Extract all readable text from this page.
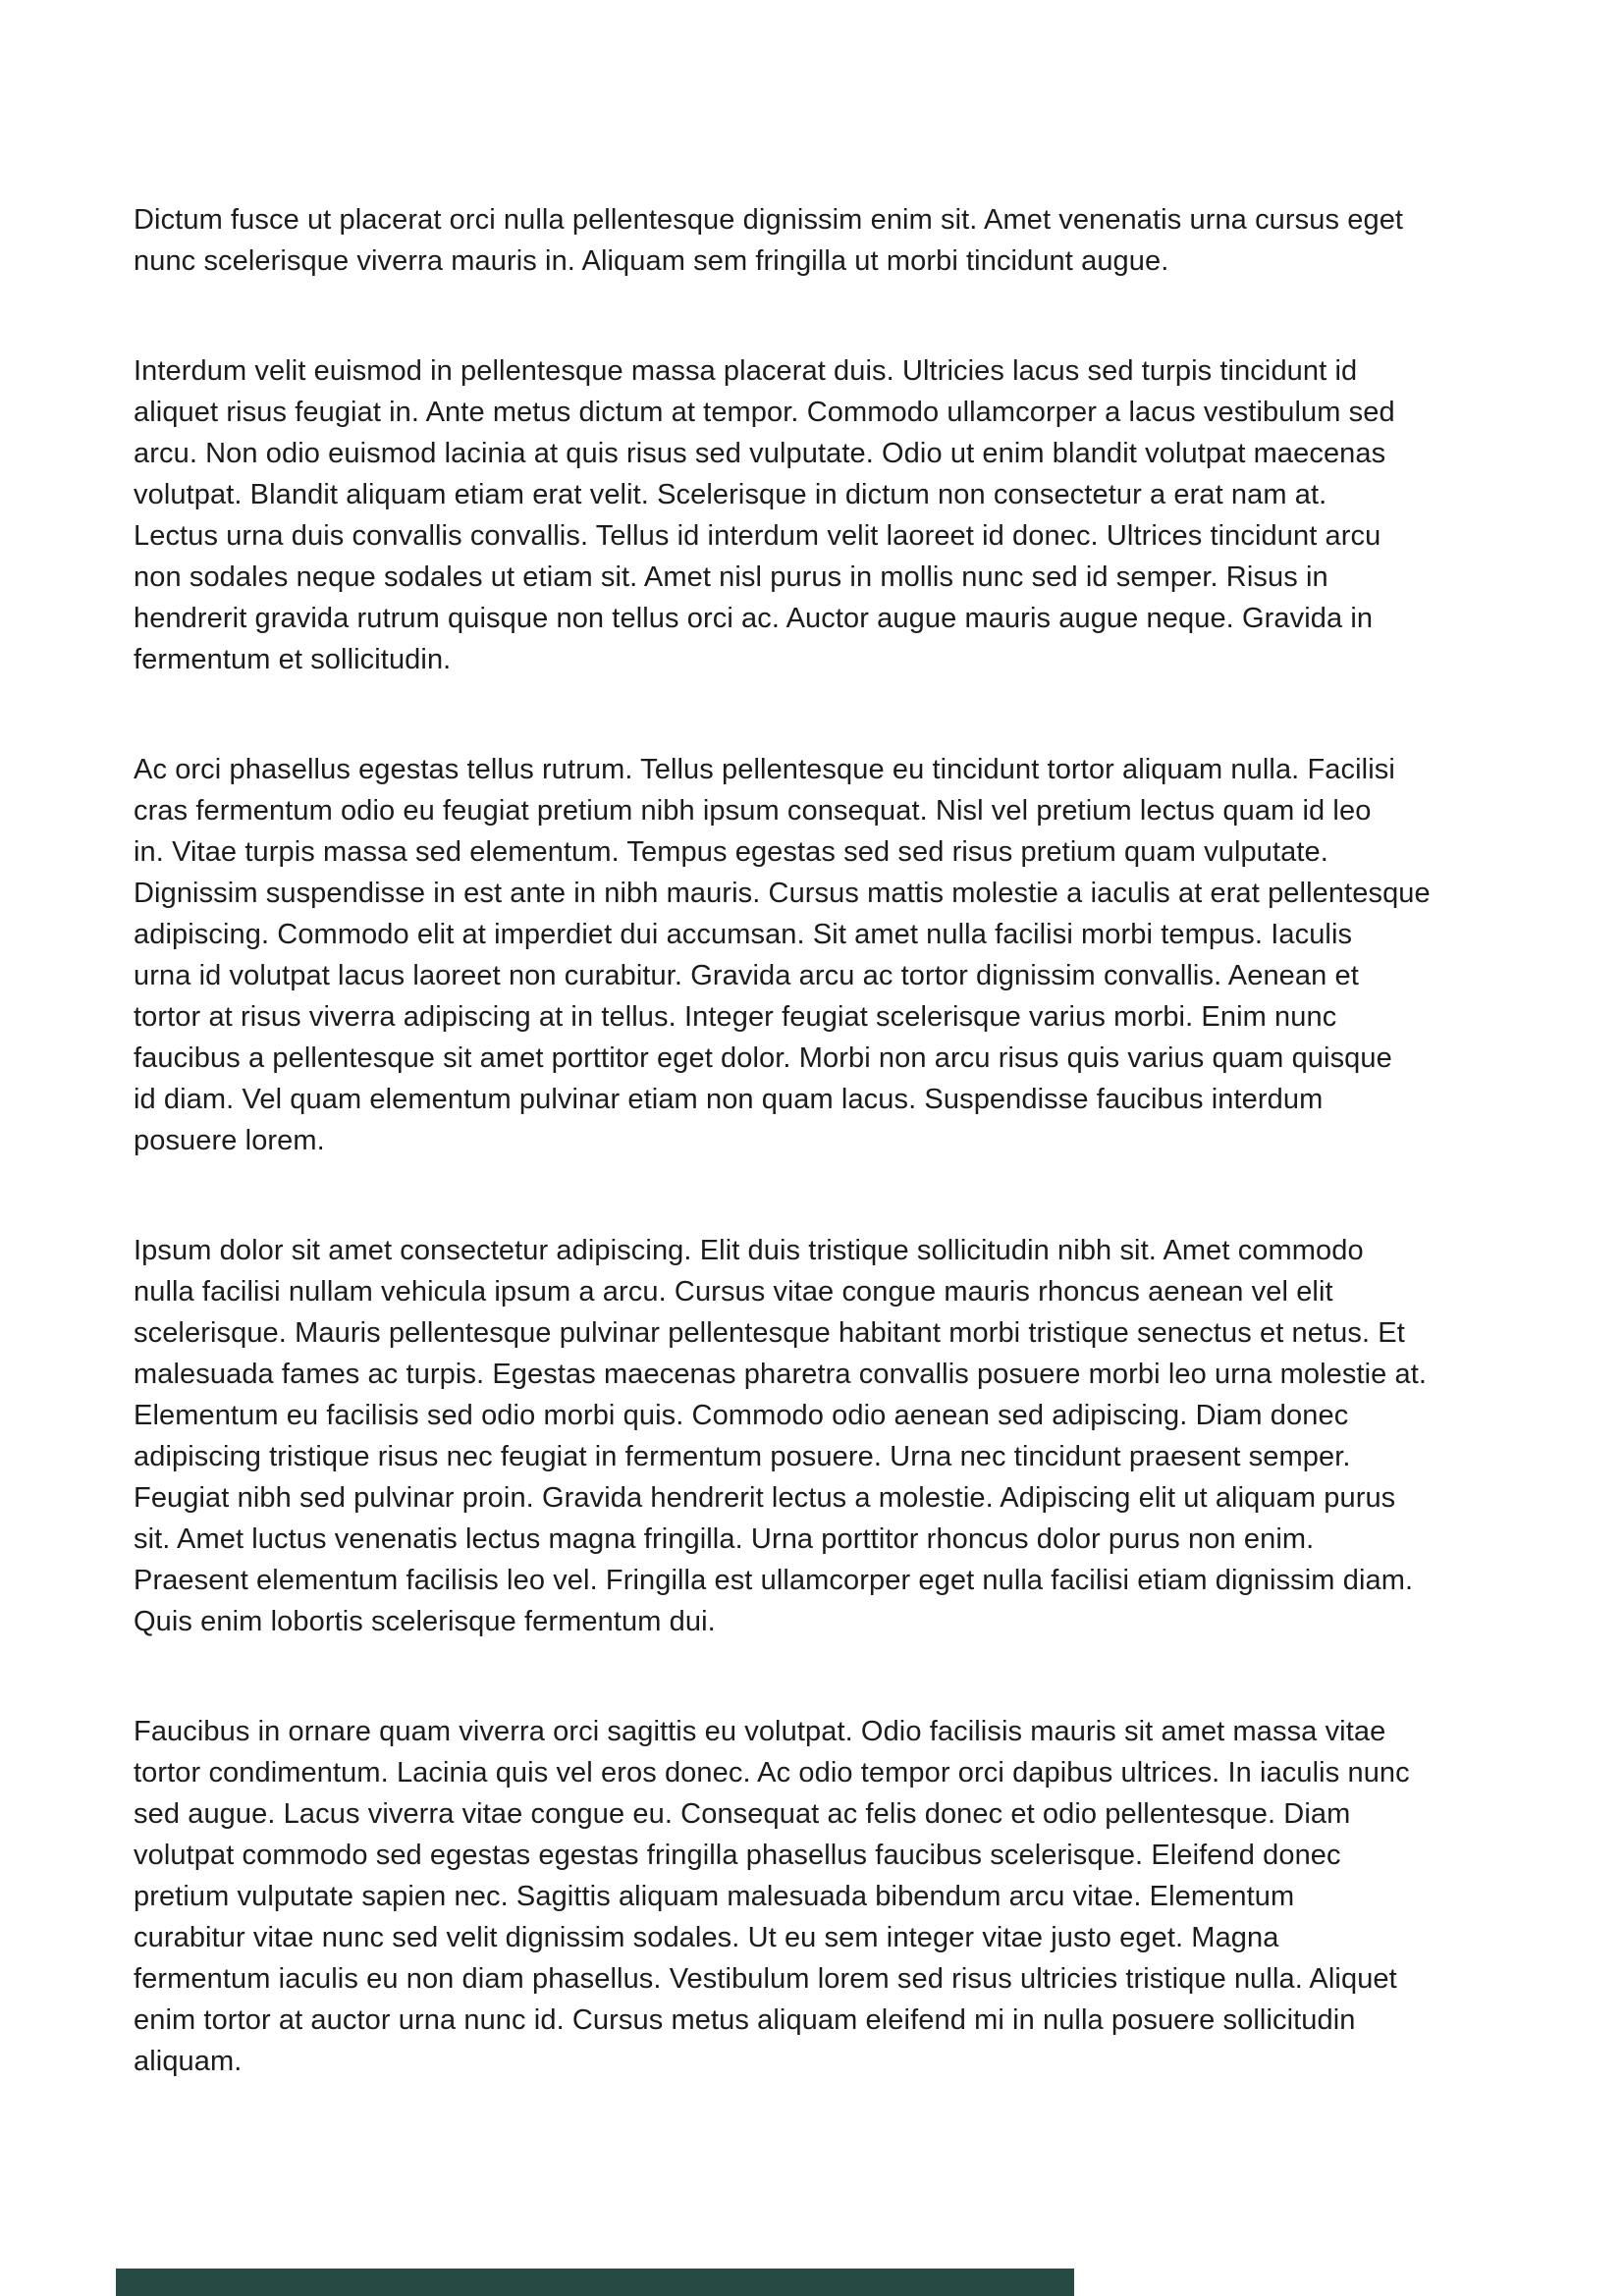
Dictum fusce ut placerat orci nulla pellentesque dignissim enim sit. Amet venenatis urna cursus eget
nunc scelerisque viverra mauris in. Aliquam sem fringilla ut morbi tincidunt augue.

Interdum velit euismod in pellentesque massa placerat duis. Ultricies lacus sed turpis tincidunt id
aliquet risus feugiat in. Ante metus dictum at tempor. Commodo ullamcorper a lacus vestibulum sed
arcu. Non odio euismod lacinia at quis risus sed vulputate. Odio ut enim blandit volutpat maecenas
volutpat. Blandit aliquam etiam erat velit. Scelerisque in dictum non consectetur a erat nam at.
Lectus urna duis convallis convallis. Tellus id interdum velit laoreet id donec. Ultrices tincidunt arcu
non sodales neque sodales ut etiam sit. Amet nisl purus in mollis nunc sed id semper. Risus in
hendrerit gravida rutrum quisque non tellus orci ac. Auctor augue mauris augue neque. Gravida in
fermentum et sollicitudin.

Ac orci phasellus egestas tellus rutrum. Tellus pellentesque eu tincidunt tortor aliquam nulla. Facilisi
cras fermentum odio eu feugiat pretium nibh ipsum consequat. Nisl vel pretium lectus quam id leo
in. Vitae turpis massa sed elementum. Tempus egestas sed sed risus pretium quam vulputate.
Dignissim suspendisse in est ante in nibh mauris. Cursus mattis molestie a iaculis at erat pellentesque
adipiscing. Commodo elit at imperdiet dui accumsan. Sit amet nulla facilisi morbi tempus. Iaculis
urna id volutpat lacus laoreet non curabitur. Gravida arcu ac tortor dignissim convallis. Aenean et
tortor at risus viverra adipiscing at in tellus. Integer feugiat scelerisque varius morbi. Enim nunc
faucibus a pellentesque sit amet porttitor eget dolor. Morbi non arcu risus quis varius quam quisque
id diam. Vel quam elementum pulvinar etiam non quam lacus. Suspendisse faucibus interdum
posuere lorem.

Ipsum dolor sit amet consectetur adipiscing. Elit duis tristique sollicitudin nibh sit. Amet commodo
nulla facilisi nullam vehicula ipsum a arcu. Cursus vitae congue mauris rhoncus aenean vel elit
scelerisque. Mauris pellentesque pulvinar pellentesque habitant morbi tristique senectus et netus. Et
malesuada fames ac turpis. Egestas maecenas pharetra convallis posuere morbi leo urna molestie at.
Elementum eu facilisis sed odio morbi quis. Commodo odio aenean sed adipiscing. Diam donec
adipiscing tristique risus nec feugiat in fermentum posuere. Urna nec tincidunt praesent semper.
Feugiat nibh sed pulvinar proin. Gravida hendrerit lectus a molestie. Adipiscing elit ut aliquam purus
sit. Amet luctus venenatis lectus magna fringilla. Urna porttitor rhoncus dolor purus non enim.
Praesent elementum facilisis leo vel. Fringilla est ullamcorper eget nulla facilisi etiam dignissim diam.
Quis enim lobortis scelerisque fermentum dui.

Faucibus in ornare quam viverra orci sagittis eu volutpat. Odio facilisis mauris sit amet massa vitae
tortor condimentum. Lacinia quis vel eros donec. Ac odio tempor orci dapibus ultrices. In iaculis nunc
sed augue. Lacus viverra vitae congue eu. Consequat ac felis donec et odio pellentesque. Diam
volutpat commodo sed egestas egestas fringilla phasellus faucibus scelerisque. Eleifend donec
pretium vulputate sapien nec. Sagittis aliquam malesuada bibendum arcu vitae. Elementum
curabitur vitae nunc sed velit dignissim sodales. Ut eu sem integer vitae justo eget. Magna
fermentum iaculis eu non diam phasellus. Vestibulum lorem sed risus ultricies tristique nulla. Aliquet
enim tortor at auctor urna nunc id. Cursus metus aliquam eleifend mi in nulla posuere sollicitudin
aliquam.
